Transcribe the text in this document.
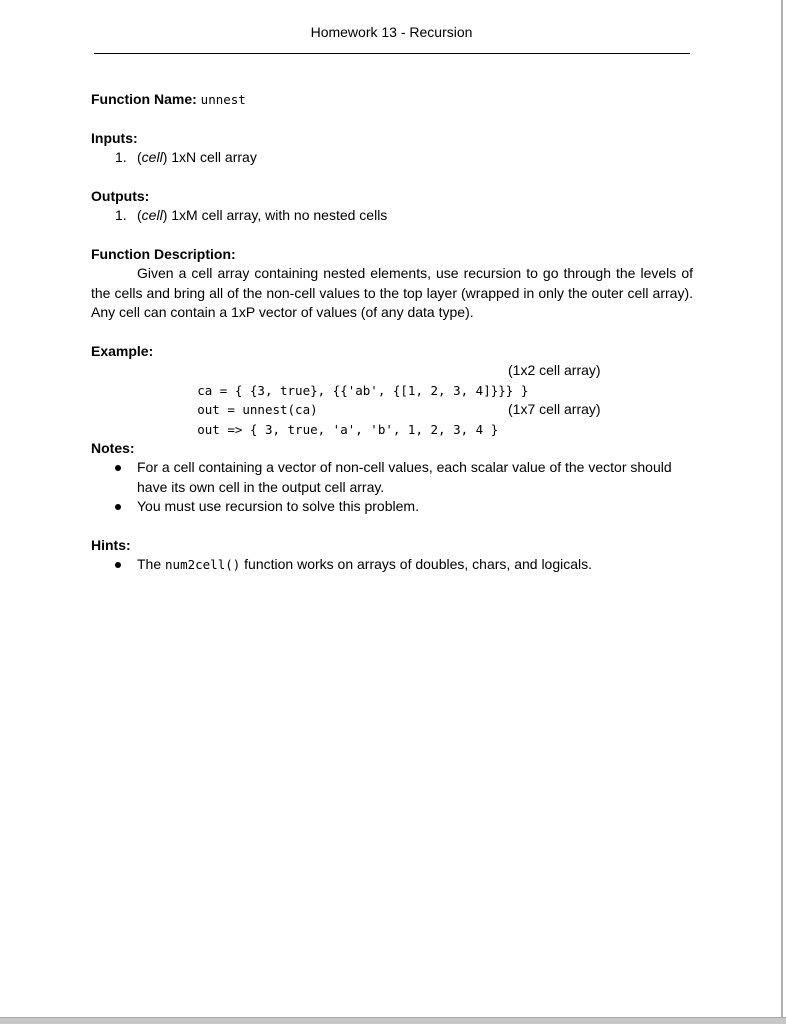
Homework 13 - Recursion
Function Name: unnest
Inputs:
1. (cell) 1xN cell array
Outputs:
1. (cell) 1xM cell array, with no nested cells
Function Description:
Given a cell array containing nested elements, use recursion to go through the levels of the cells and bring all of the non-cell values to the top layer (wrapped in only the outer cell array). Any cell can contain a 1xP vector of values (of any data type).
Example:

ca = { {3, true}, {{'ab', {[1, 2, 3, 4]}}} }
(1x2 cell array)

out = unnest(ca)

out => { 3, true, 'a', 'b', 1, 2, 3, 4 }
(1x7 cell array)

Notes:
For a cell containing a vector of non-cell values, each scalar value of the vector should have its own cell in the output cell array.
You must use recursion to solve this problem.
Hints:
The num2cell() function works on arrays of doubles, chars, and logicals.
